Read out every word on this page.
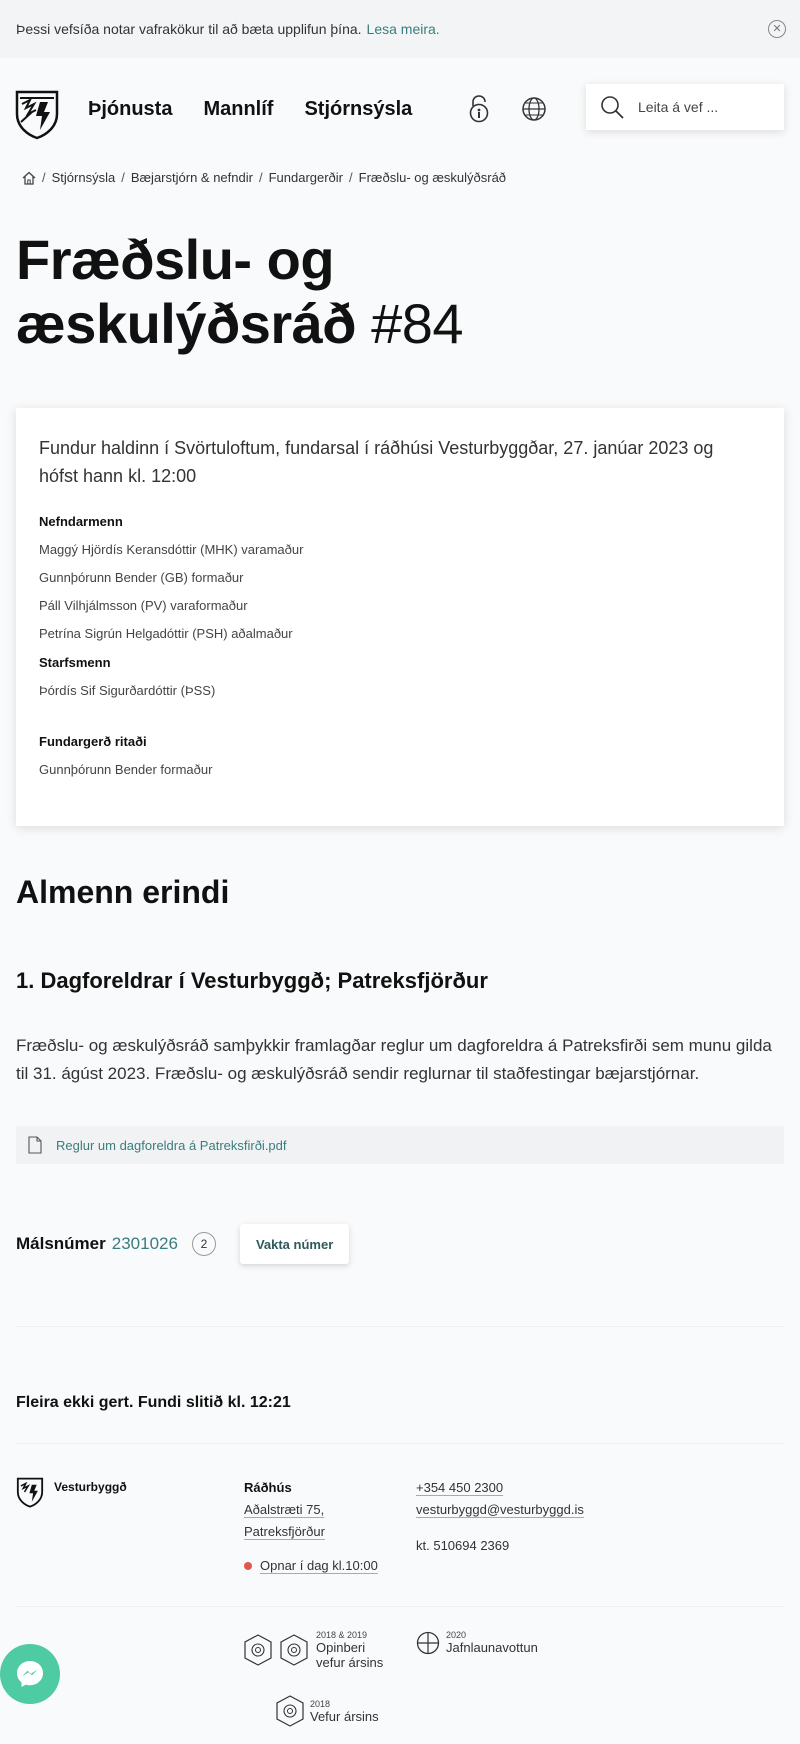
Þessi vefsíða notar vafrakökur til að bæta upplifun þína. Lesa meira.	✕
Þjónusta Mannlíf Stjórnsýsla
Leita á vef ...
/ Stjórnsýsla / Bæjarstjórn & nefndir / Fundargerðir / Fræðslu- og æskulýðsráð
Fræðslu- og
æskulýðsráð #84

Fundur haldinn í Svörtuloftum, fundarsal í ráðhúsi Vesturbyggðar, 27. janúar 2023 og hófst hann kl. 12:00

Nefndarmenn

Maggý Hjördís Keransdóttir (MHK) varamaður

Gunnþórunn Bender (GB) formaður

Páll Vilhjálmsson (PV) varaformaður

Petrína Sigrún Helgadóttir (PSH) aðalmaður

Starfsmenn

Þórdís Sif Sigurðardóttir (ÞSS)

Fundargerð ritaði

Gunnþórunn Bender formaður

Almenn erindi
1. Dagforeldrar í Vesturbyggð; Patreksfjörður

Fræðslu- og æskulýðsráð samþykkir framlagðar reglur um dagforeldra á Patreksfirði sem munu gilda til 31. ágúst 2023. Fræðslu- og æskulýðsráð sendir reglurnar til staðfestingar bæjarstjórnar.

Reglur um dagforeldra á Patreksfirði.pdf
Málsnúmer 2301026	2	Vakta númer

Fleira ekki gert. Fundi slitið kl. 12:21

Vesturbyggð	Ráðhús
Aðalstræti 75,
Patreksfjörður
Opnar í dag kl.10:00
+354 450 2300
vesturbyggd@vesturbyggd.is
kt. 510694 2369
2018 & 2019
Opinberi
vefur ársins
2020
Jafnlaunavottun
2018
Vefur ársins
